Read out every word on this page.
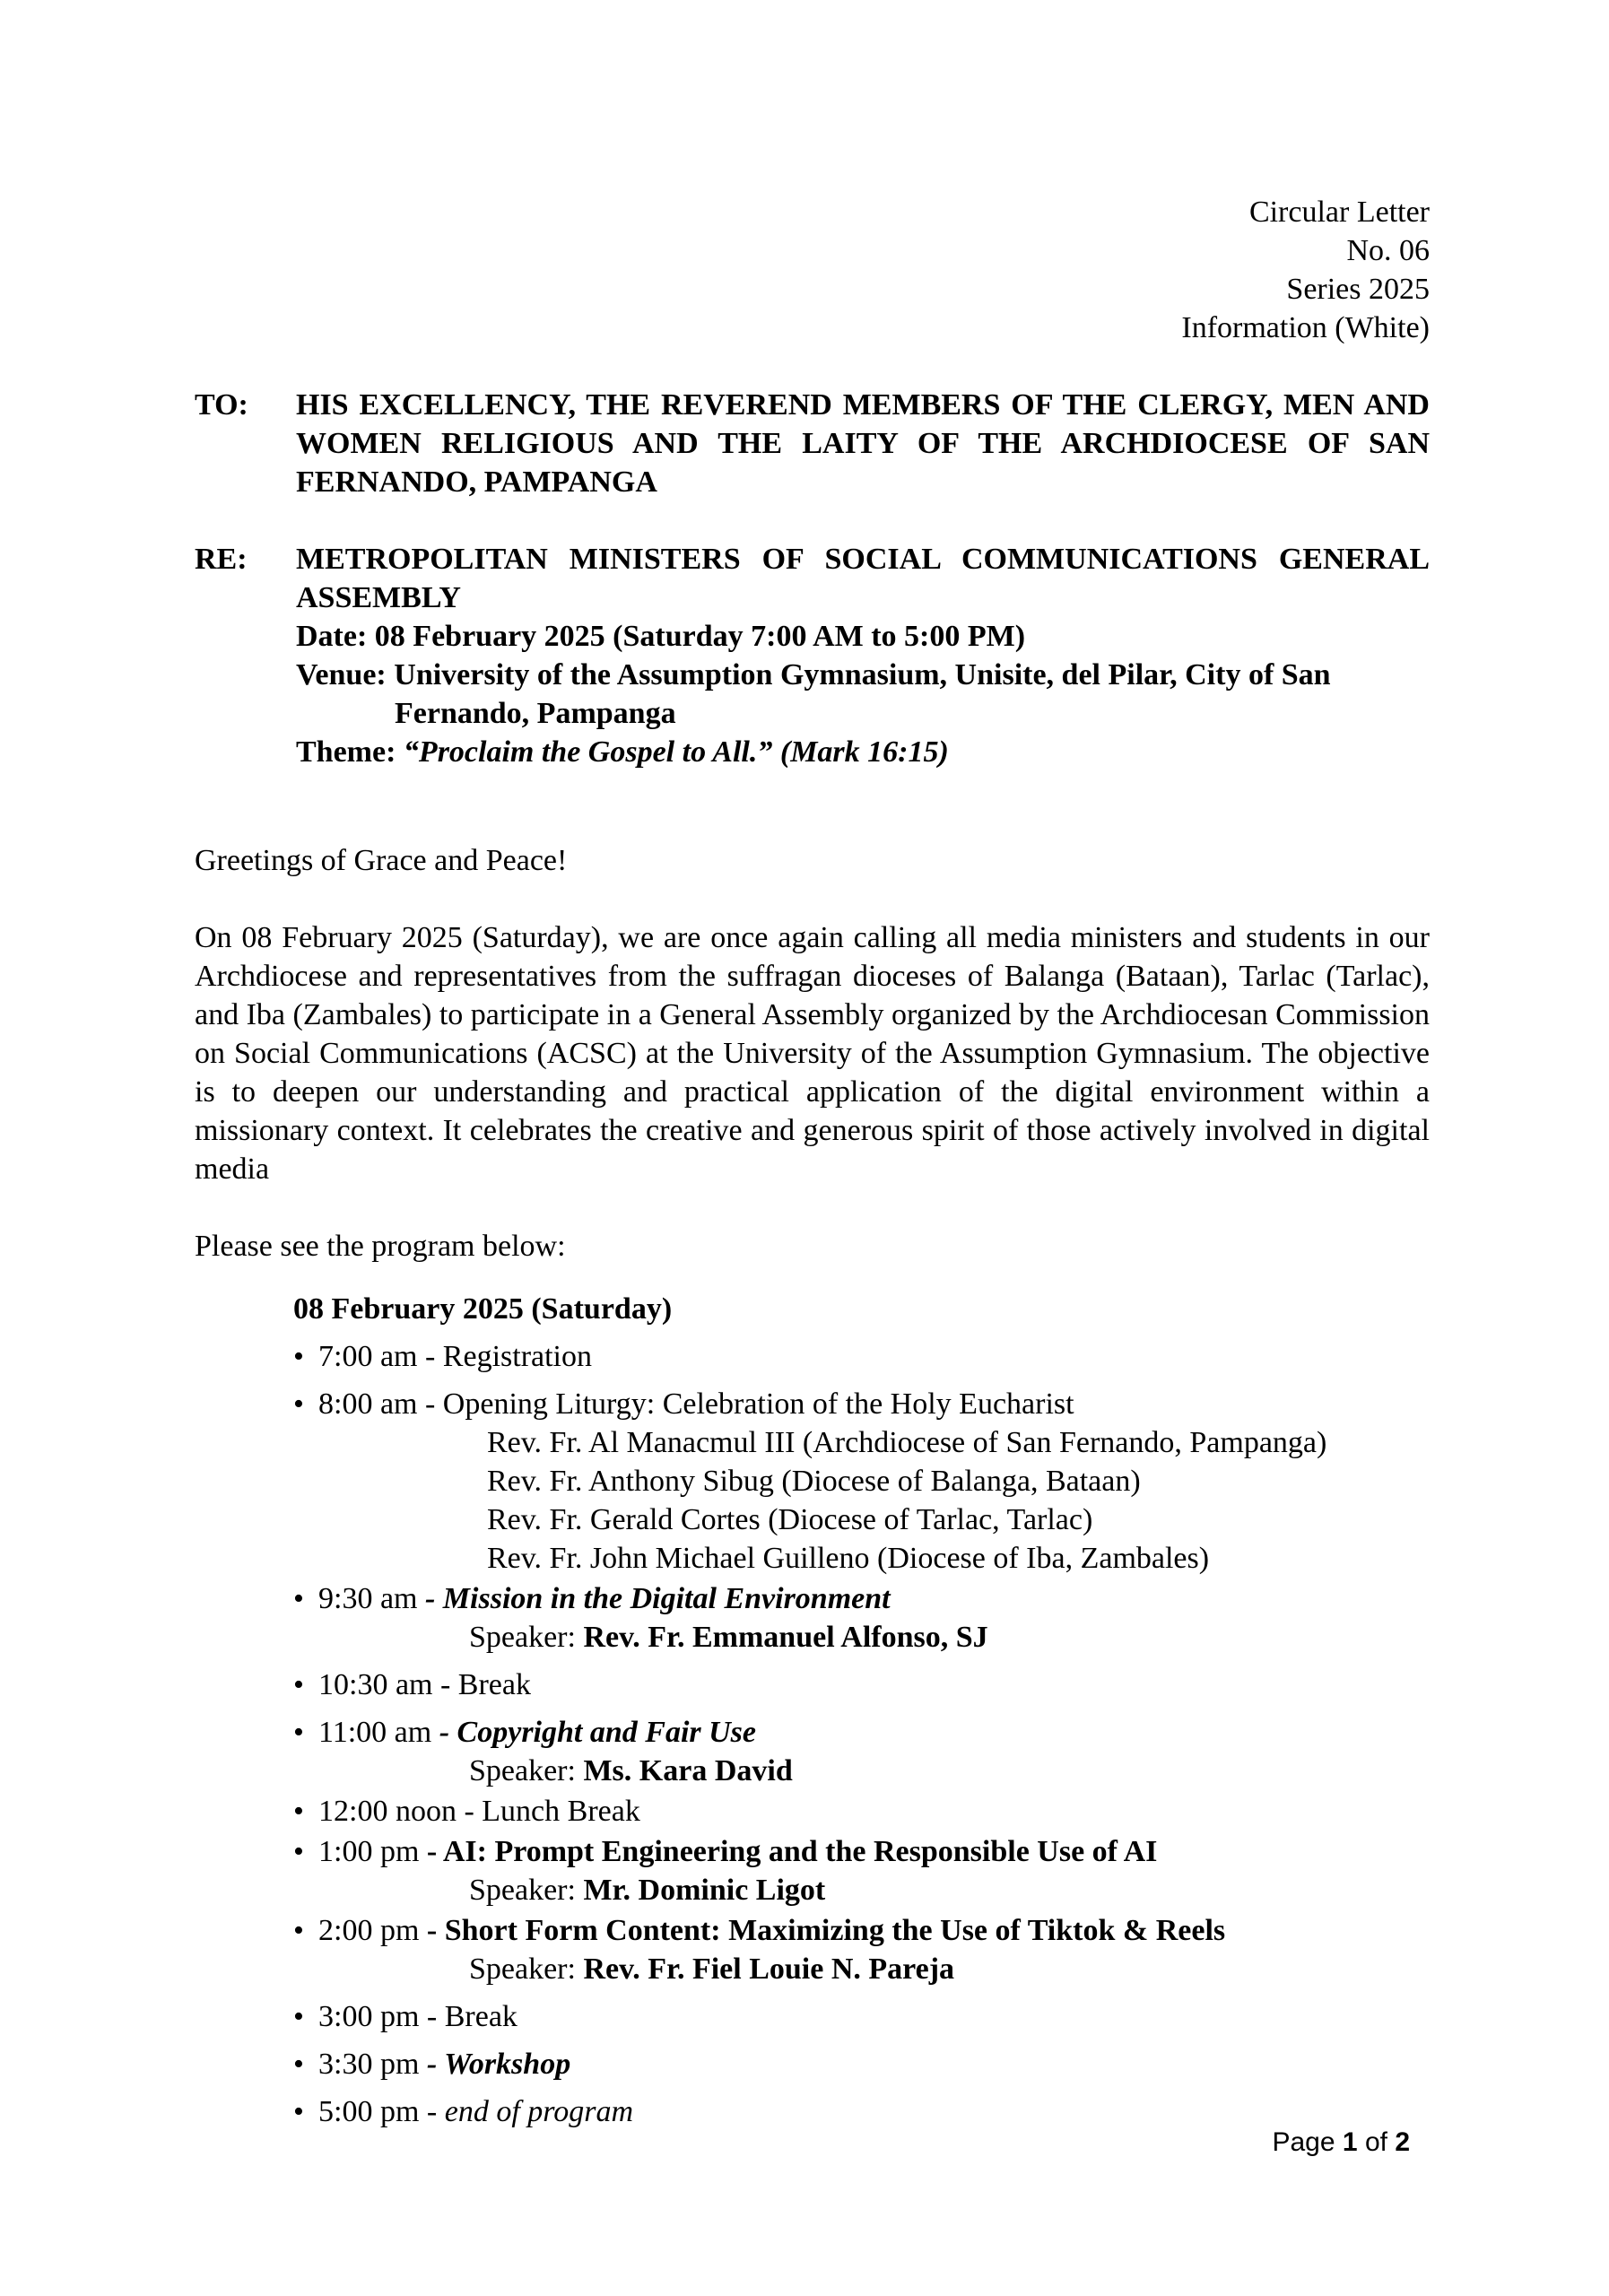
Circular Letter
No. 06
Series 2025
Information (White)
TO:	HIS EXCELLENCY, THE REVEREND MEMBERS OF THE CLERGY, MEN AND WOMEN RELIGIOUS AND THE LAITY OF THE ARCHDIOCESE OF SAN FERNANDO, PAMPANGA
RE:	METROPOLITAN MINISTERS OF SOCIAL COMMUNICATIONS GENERAL ASSEMBLY
Date: 08 February 2025 (Saturday 7:00 AM to 5:00 PM)
Venue: University of the Assumption Gymnasium, Unisite, del Pilar, City of San
Fernando, Pampanga
Theme: “Proclaim the Gospel to All.” (Mark 16:15)
Greetings of Grace and Peace!
On 08 February 2025 (Saturday), we are once again calling all media ministers and students in our Archdiocese and representatives from the suffragan dioceses of Balanga (Bataan), Tarlac (Tarlac), and Iba (Zambales) to participate in a General Assembly organized by the Archdiocesan Commission on Social Communications (ACSC) at the University of the Assumption Gymnasium. The objective is to deepen our understanding and practical application of the digital environment within a missionary context. It celebrates the creative and generous spirit of those actively involved in digital media
Please see the program below:
08 February 2025 (Saturday)
• 7:00 am - Registration
• 8:00 am - Opening Liturgy: Celebration of the Holy Eucharist
Rev. Fr. Al Manacmul III (Archdiocese of San Fernando, Pampanga)
Rev. Fr. Anthony Sibug (Diocese of Balanga, Bataan)
Rev. Fr. Gerald Cortes (Diocese of Tarlac, Tarlac)
Rev. Fr. John Michael Guilleno (Diocese of Iba, Zambales)
• 9:30 am - Mission in the Digital Environment
Speaker: Rev. Fr. Emmanuel Alfonso, SJ
• 10:30 am - Break
• 11:00 am - Copyright and Fair Use
Speaker: Ms. Kara David
• 12:00 noon - Lunch Break
• 1:00 pm - AI: Prompt Engineering and the Responsible Use of AI
Speaker: Mr. Dominic Ligot
• 2:00 pm - Short Form Content: Maximizing the Use of Tiktok & Reels
Speaker: Rev. Fr. Fiel Louie N. Pareja
• 3:00 pm - Break
• 3:30 pm - Workshop
• 5:00 pm - end of program
Page 1 of 2
